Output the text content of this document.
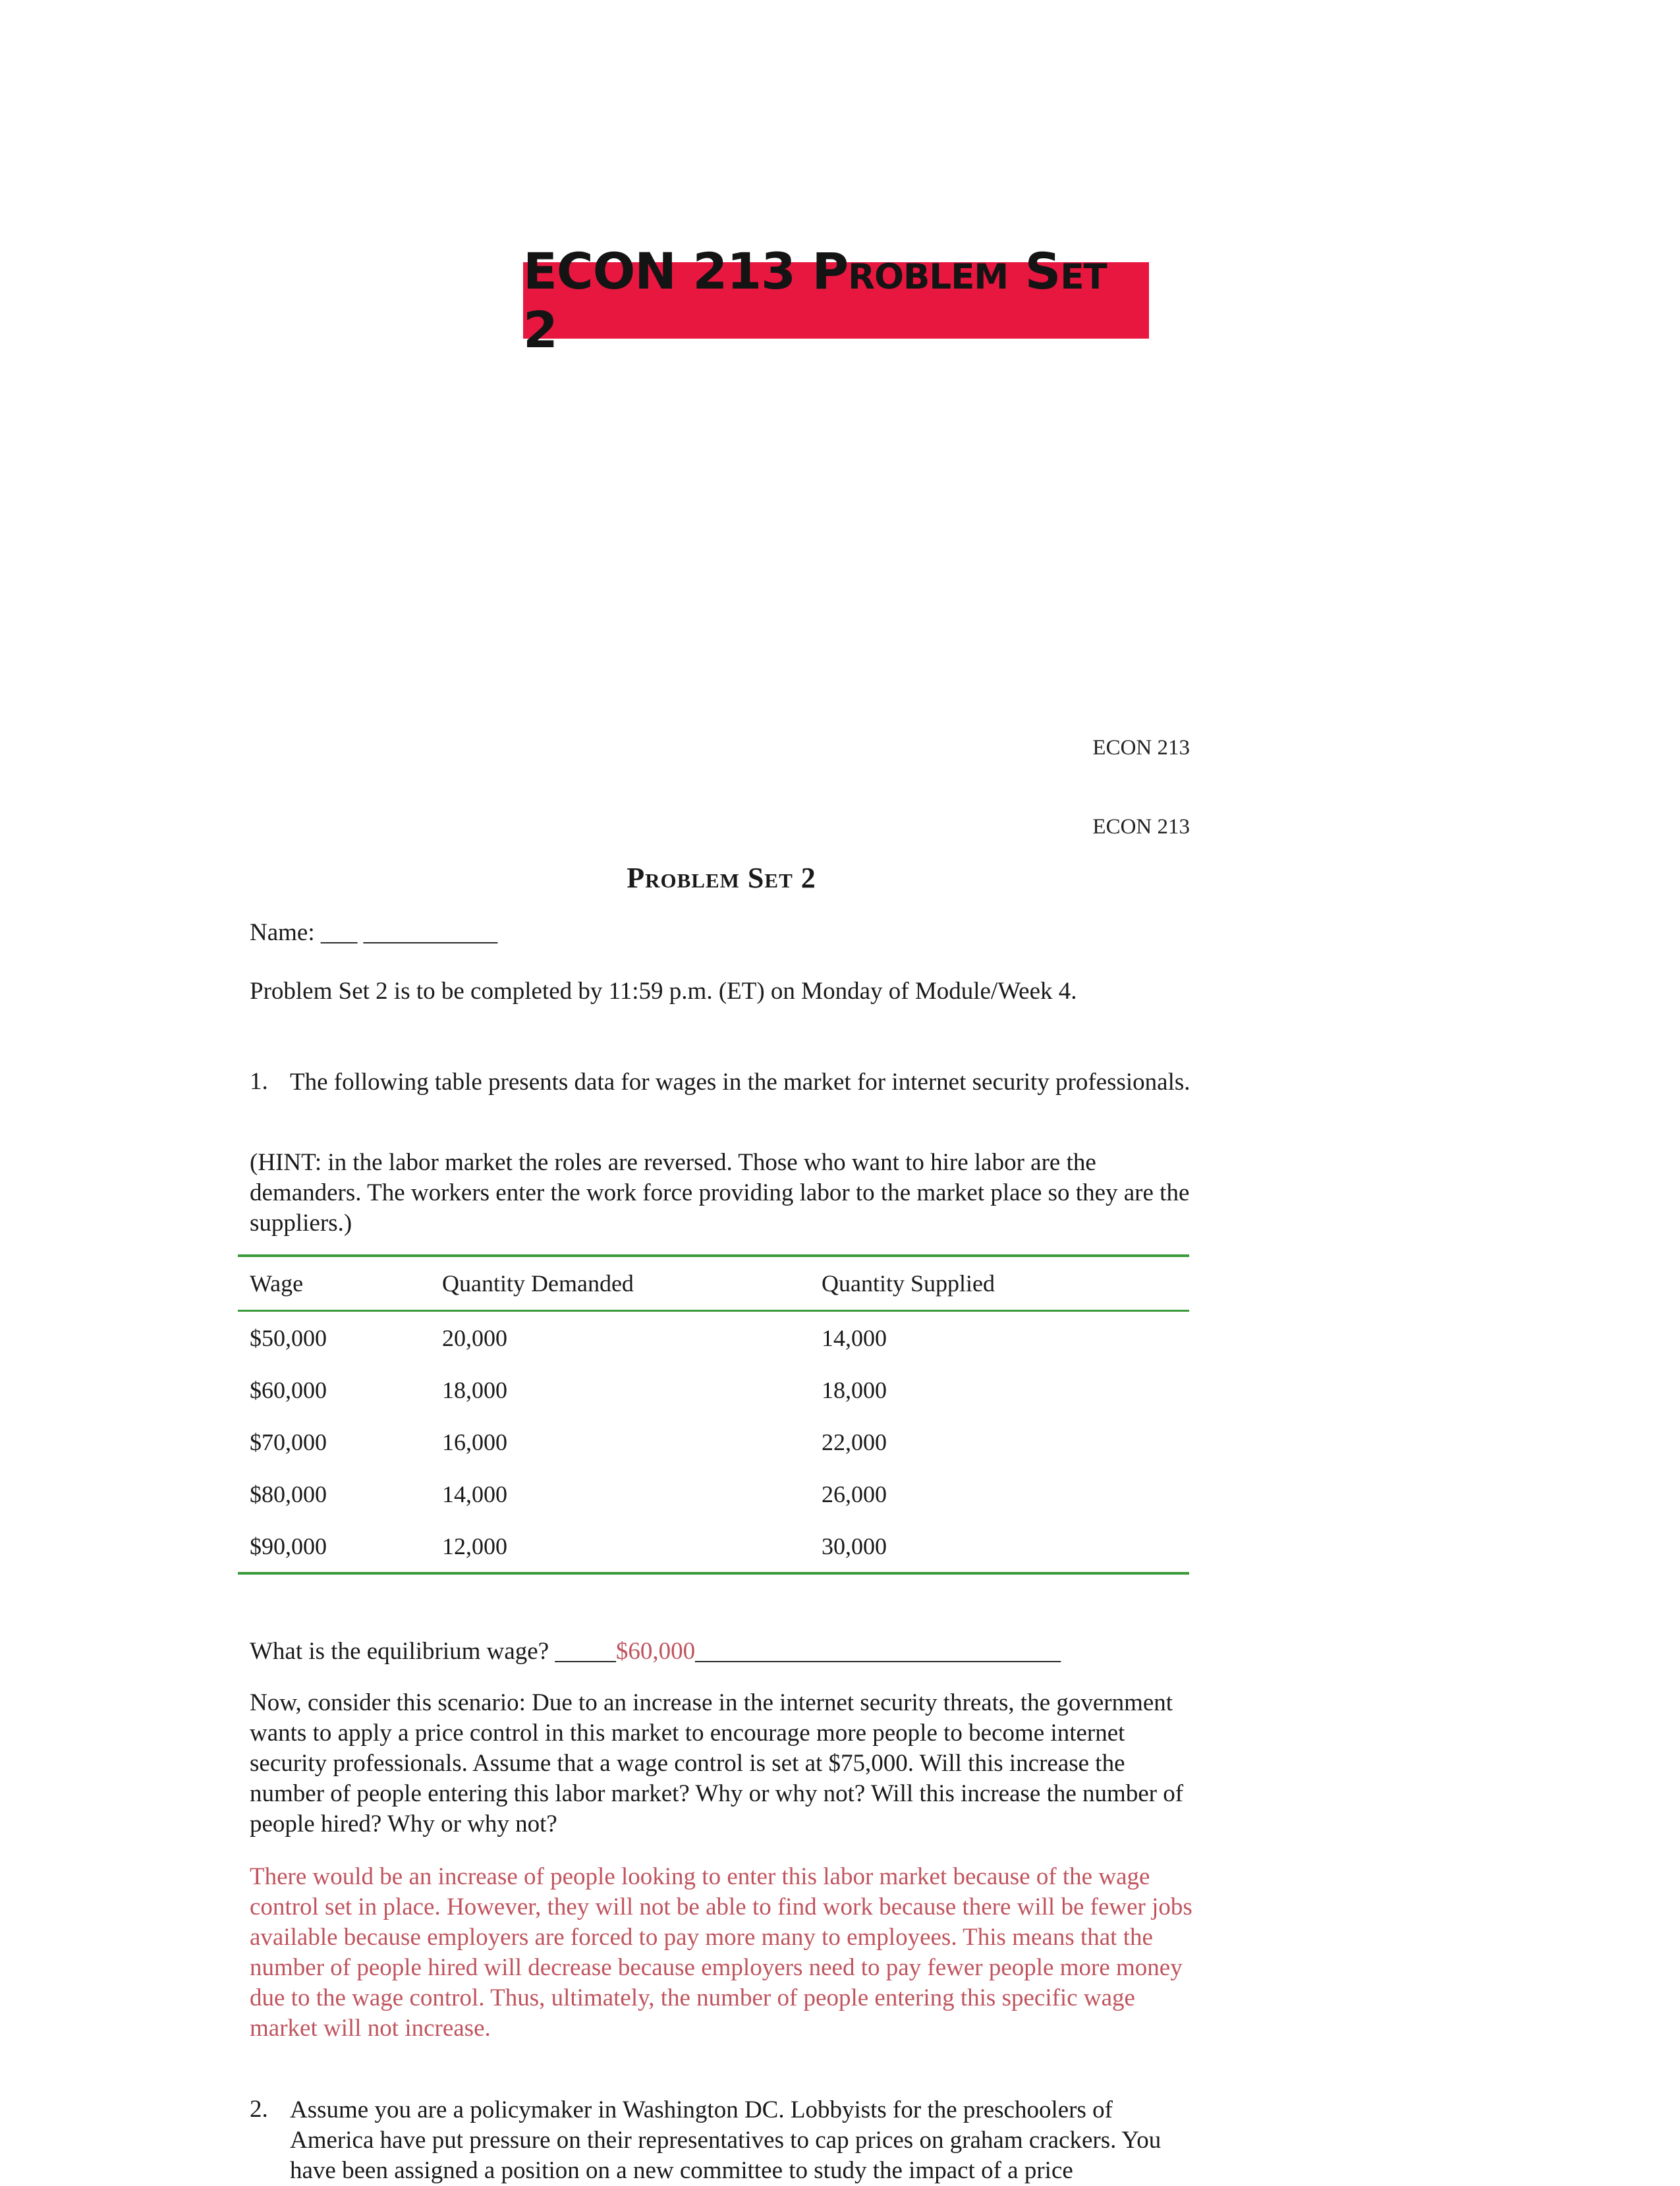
ECON 213 Problem Set 2
ECON 213
ECON 213
Problem Set 2
Name: ___ ___________
Problem Set 2 is to be completed by 11:59 p.m. (ET) on Monday of Module/Week 4.
1. The following table presents data for wages in the market for internet security professionals.
(HINT: in the labor market the roles are reversed. Those who want to hire labor are the demanders. The workers enter the work force providing labor to the market place so they are the suppliers.)
Wage	Quantity Demanded	Quantity Supplied
$50,000	20,000	14,000
$60,000	18,000	18,000
$70,000	16,000	22,000
$80,000	14,000	26,000
$90,000	12,000	30,000
What is the equilibrium wage? _____$60,000______________________________
Now, consider this scenario: Due to an increase in the internet security threats, the government wants to apply a price control in this market to encourage more people to become internet security professionals. Assume that a wage control is set at $75,000. Will this increase the number of people entering this labor market? Why or why not? Will this increase the number of people hired? Why or why not?
There would be an increase of people looking to enter this labor market because of the wage control set in place. However, they will not be able to find work because there will be fewer jobs available because employers are forced to pay more many to employees. This means that the number of people hired will decrease because employers need to pay fewer people more money due to the wage control. Thus, ultimately, the number of people entering this specific wage market will not increase.
2. Assume you are a policymaker in Washington DC. Lobbyists for the preschoolers of America have put pressure on their representatives to cap prices on graham crackers. You have been assigned a position on a new committee to study the impact of a price
